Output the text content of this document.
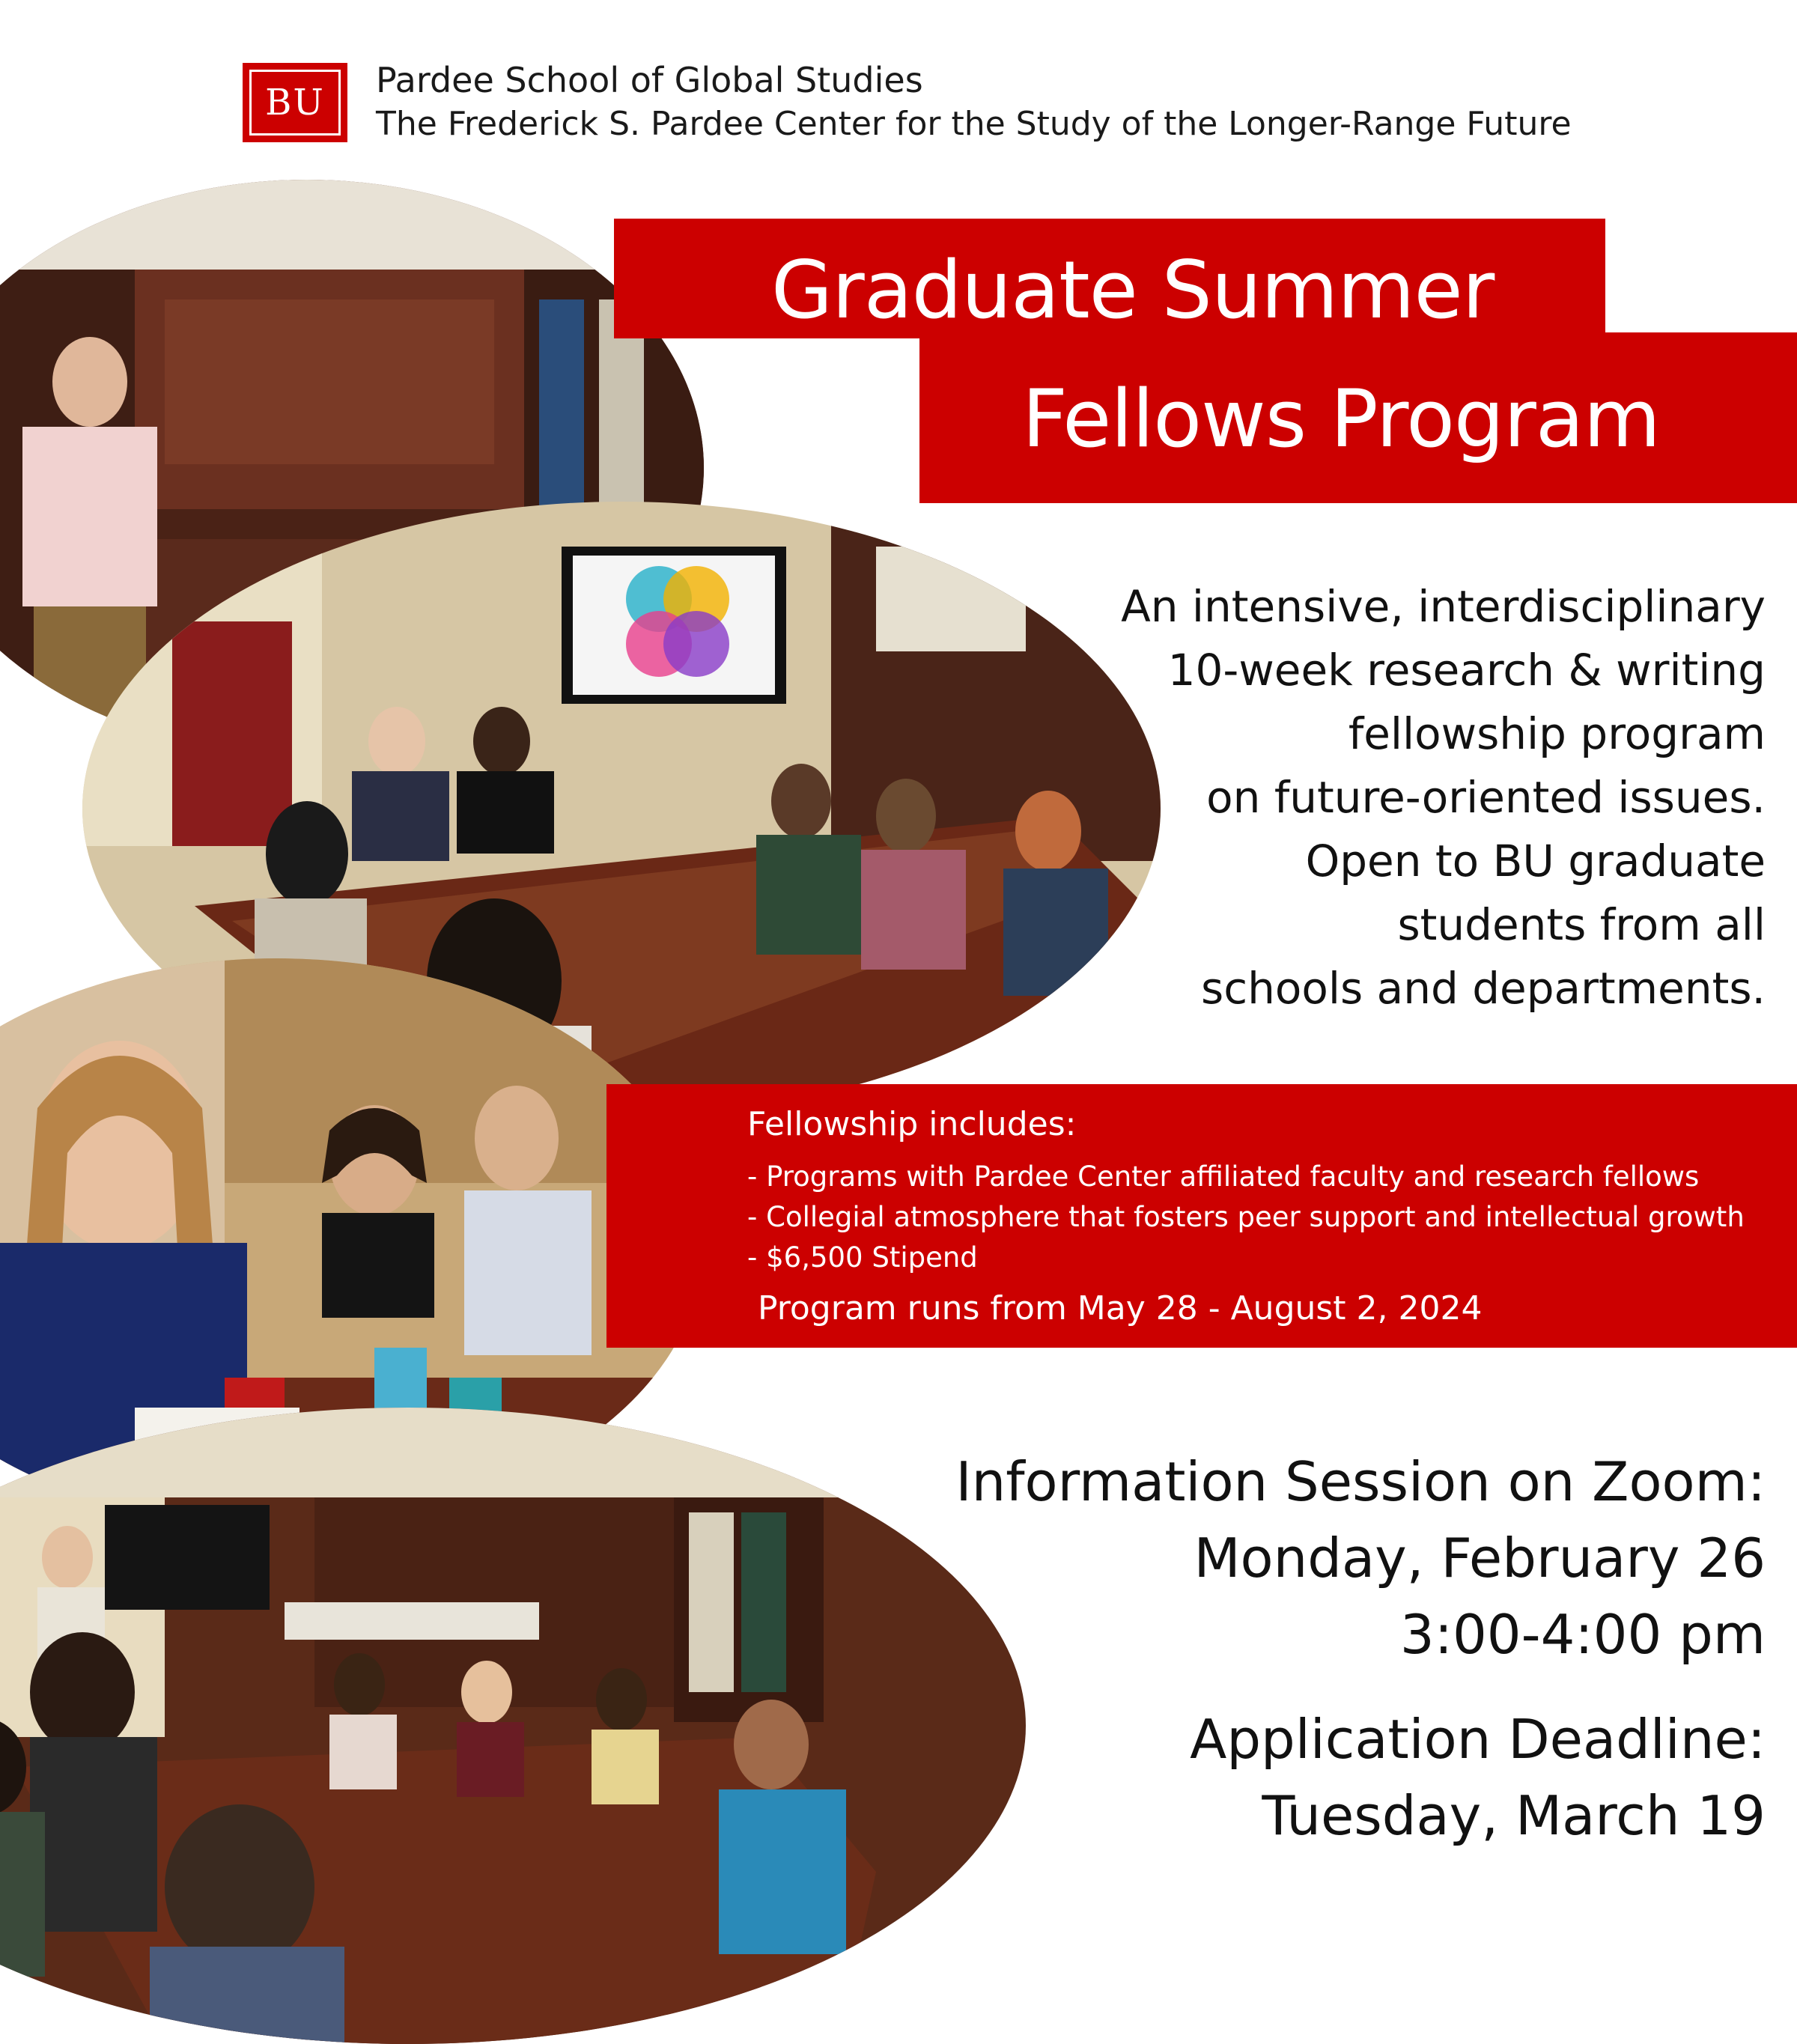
BU
Pardee School of Global Studies
The Frederick S. Pardee Center for the Study of the Longer-Range Future
Graduate Summer
Fellows Program
An intensive, interdisciplinary
10-week research & writing
fellowship program
on future-oriented issues.
Open to BU graduate
students from all
schools and departments.
Fellowship includes:
- Programs with Pardee Center affiliated faculty and research fellows
- Collegial atmosphere that fosters peer support and intellectual growth
- $6,500 Stipend
Program runs from May 28 - August 2, 2024
Information Session on Zoom:
Monday, February 26
3:00-4:00 pm
Application Deadline:
Tuesday, March 19
